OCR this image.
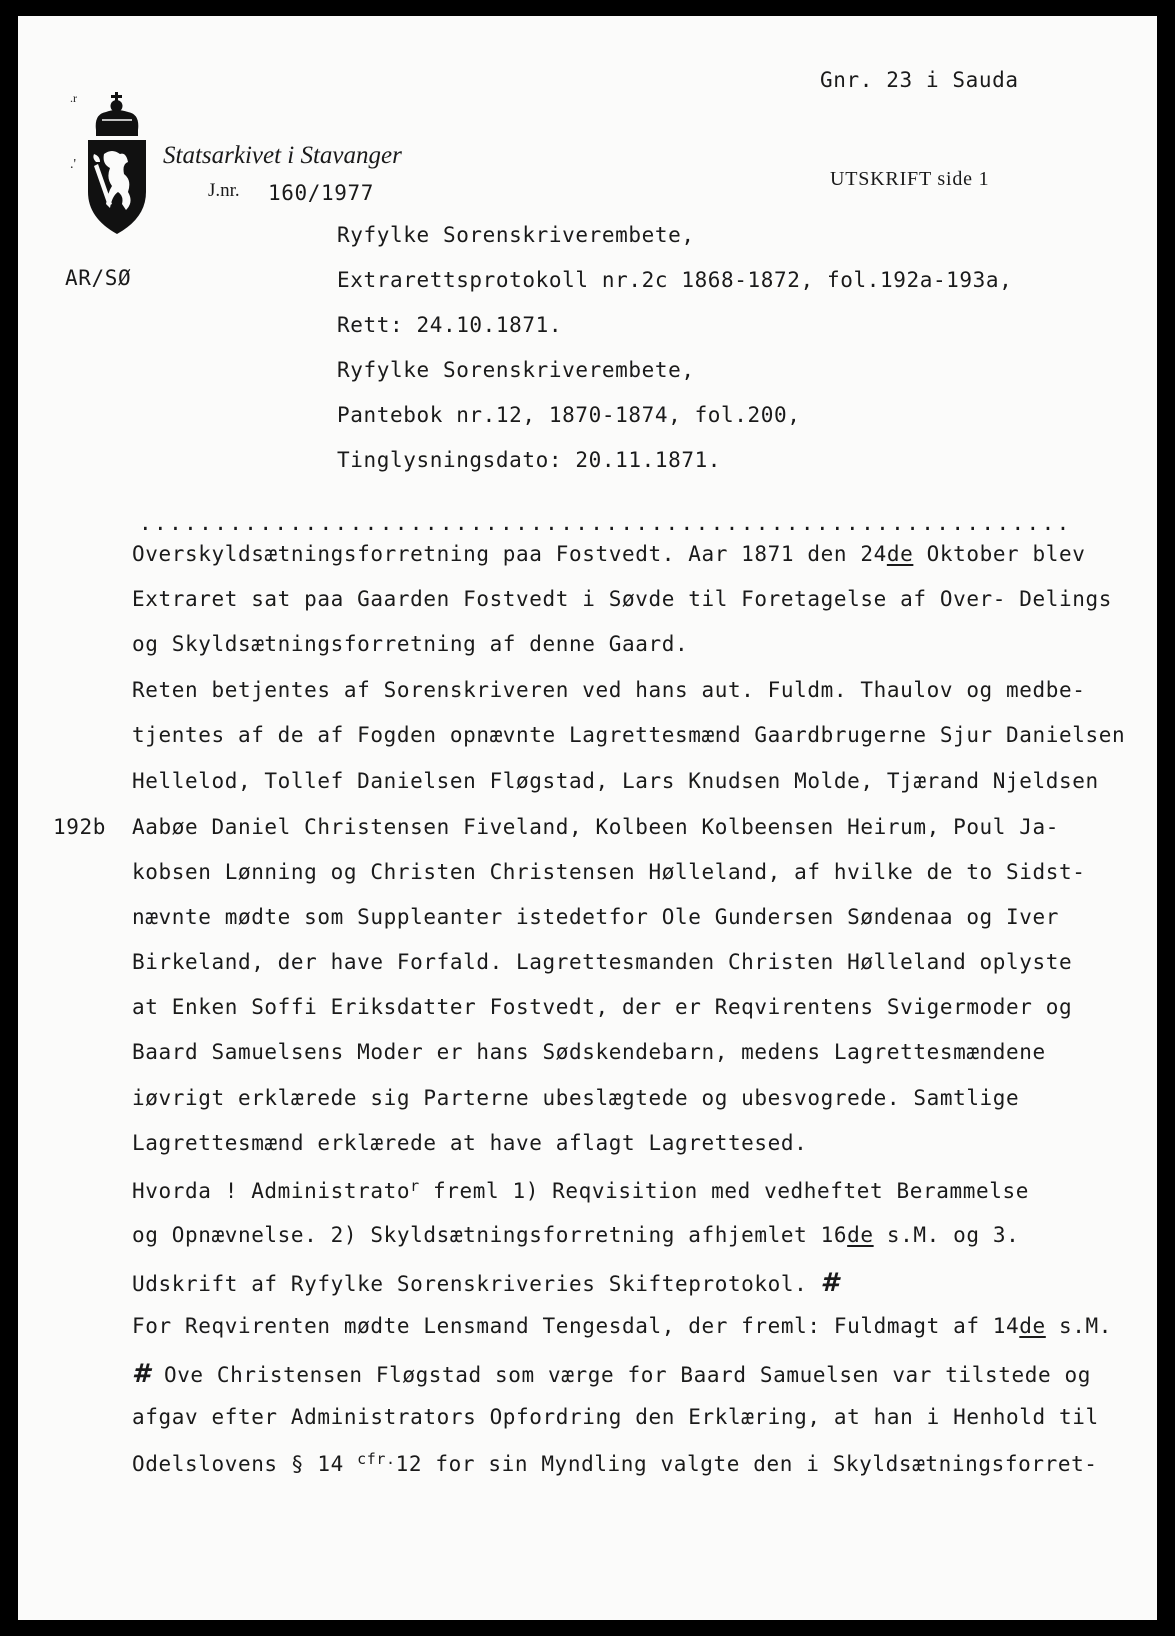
.r
.'	Statsarkivet i Stavanger
J.nr. 160/1977
Gnr. 23 i Sauda
UTSKRIFT side 1
AR/SØ
Ryfylke Sorenskriverembete,
Extrarettsprotokoll nr.2c 1868-1872, fol.192a-193a,
Rett: 24.10.1871.
Ryfylke Sorenskriverembete,
Pantebok nr.12, 1870-1874, fol.200,
Tinglysningsdato: 20.11.1871.
..............................................................
192b
Overskyldsætningsforretning paa Fostvedt. Aar 1871 den 24de Oktober blev
Extraret sat paa Gaarden Fostvedt i Søvde til Foretagelse af Over- Delings
og Skyldsætningsforretning af denne Gaard.
Reten betjentes af Sorenskriveren ved hans aut. Fuldm. Thaulov og medbe-
tjentes af de af Fogden opnævnte Lagrettesmænd Gaardbrugerne Sjur Danielsen
Hellelod, Tollef Danielsen Fløgstad, Lars Knudsen Molde, Tjærand Njeldsen
Aabøe Daniel Christensen Fiveland, Kolbeen Kolbeensen Heirum, Poul Ja-
kobsen Lønning og Christen Christensen Hølleland, af hvilke de to Sidst-
nævnte mødte som Suppleanter istedetfor Ole Gundersen Søndenaa og Iver
Birkeland, der have Forfald. Lagrettesmanden Christen Hølleland oplyste
at Enken Soffi Eriksdatter Fostvedt, der er Reqvirentens Svigermoder og
Baard Samuelsens Moder er hans Sødskendebarn, medens Lagrettesmændene
iøvrigt erklærede sig Parterne ubeslægtede og ubesvogrede. Samtlige
Lagrettesmænd erklærede at have aflagt Lagrettesed.
Hvorda ! Administrato$^r$ freml 1) Reqvisition med vedheftet Berammelse
og Opnævnelse. 2) Skyldsætningsforretning afhjemlet 16de s.M. og 3.
Udskrift af Ryfylke Sorenskriveries Skifteprotokol. #
For Reqvirenten mødte Lensmand Tengesdal, der freml: Fuldmagt af 14de s.M.
# Ove Christensen Fløgstad som værge for Baard Samuelsen var tilstede og
afgav efter Administrators Opfordring den Erklæring, at han i Henhold til
Odelslovens § 14 $^{cfr.}$12 for sin Myndling valgte den i Skyldsætningsforret-
